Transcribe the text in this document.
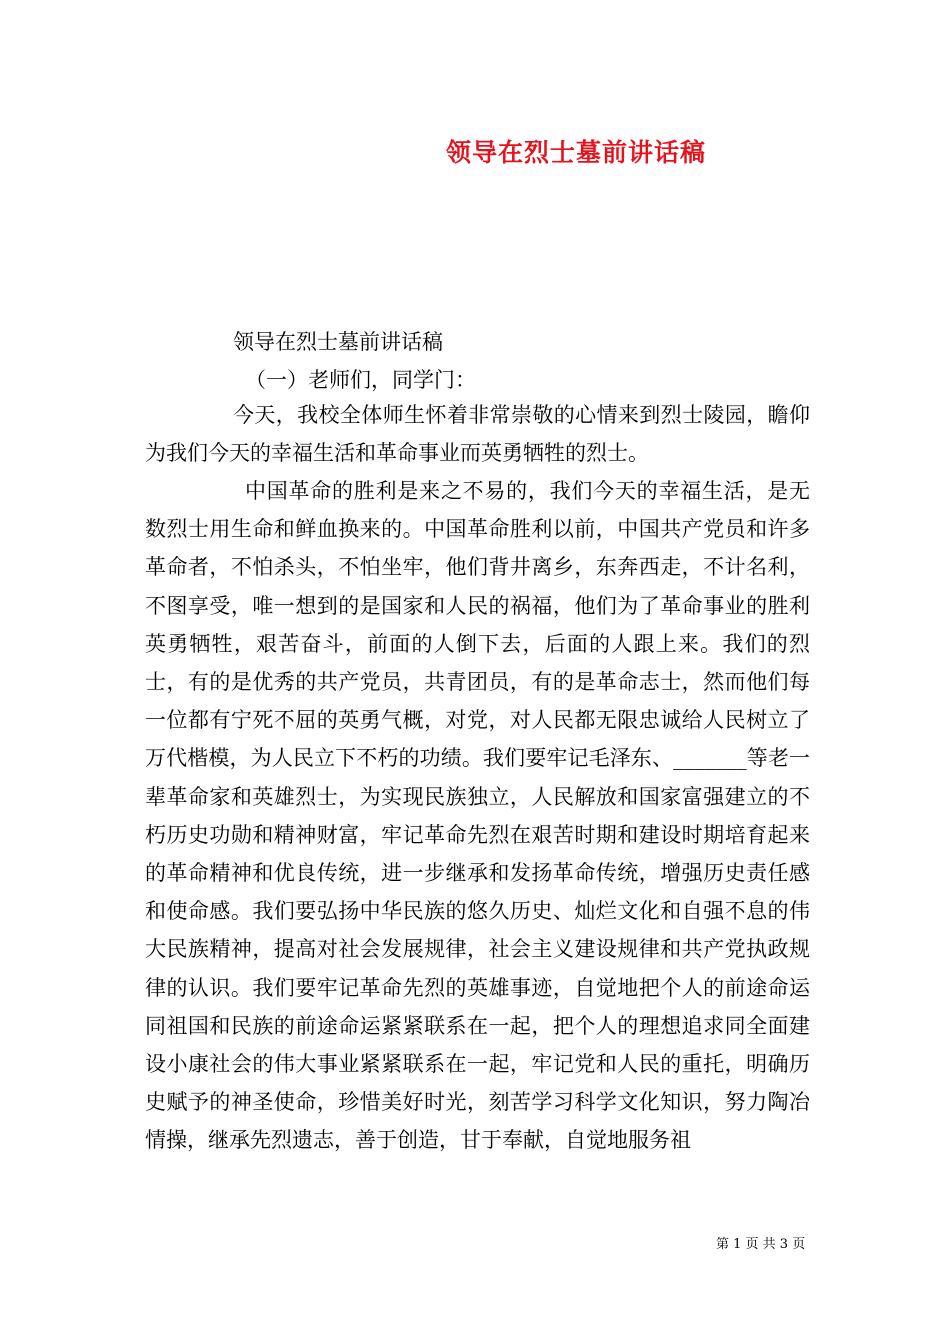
领导在烈士墓前讲话稿
领导在烈士墓前讲话稿
（一）老师们，同学门：

今天，我校全体师生怀着非常崇敬的心情来到烈士陵园，瞻仰为我们今天的幸福生活和革命事业而英勇牺牲的烈士。

中国革命的胜利是来之不易的，我们今天的幸福生活，是无数烈士用生命和鲜血换来的。中国革命胜利以前，中国共产党员和许多革命者，不怕杀头，不怕坐牢，他们背井离乡，东奔西走，不计名利，不图享受，唯一想到的是国家和人民的祸福，他们为了革命事业的胜利英勇牺牲，艰苦奋斗，前面的人倒下去，后面的人跟上来。我们的烈士，有的是优秀的共产党员，共青团员，有的是革命志士，然而他们每一位都有宁死不屈的英勇气概，对党，对人民都无限忠诚给人民树立了万代楷模，为人民立下不朽的功绩。我们要牢记毛泽东、_______等老一辈革命家和英雄烈士，为实现民族独立，人民解放和国家富强建立的不朽历史功勋和精神财富，牢记革命先烈在艰苦时期和建设时期培育起来的革命精神和优良传统，进一步继承和发扬革命传统，增强历史责任感和使命感。我们要弘扬中华民族的悠久历史、灿烂文化和自强不息的伟大民族精神，提高对社会发展规律，社会主义建设规律和共产党执政规律的认识。我们要牢记革命先烈的英雄事迹，自觉地把个人的前途命运同祖国和民族的前途命运紧紧联系在一起，把个人的理想追求同全面建设小康社会的伟大事业紧紧联系在一起，牢记党和人民的重托，明确历史赋予的神圣使命，珍惜美好时光，刻苦学习科学文化知识，努力陶冶情操，继承先烈遗志，善于创造，甘于奉献，自觉地服务祖

第 1 页 共 3 页
